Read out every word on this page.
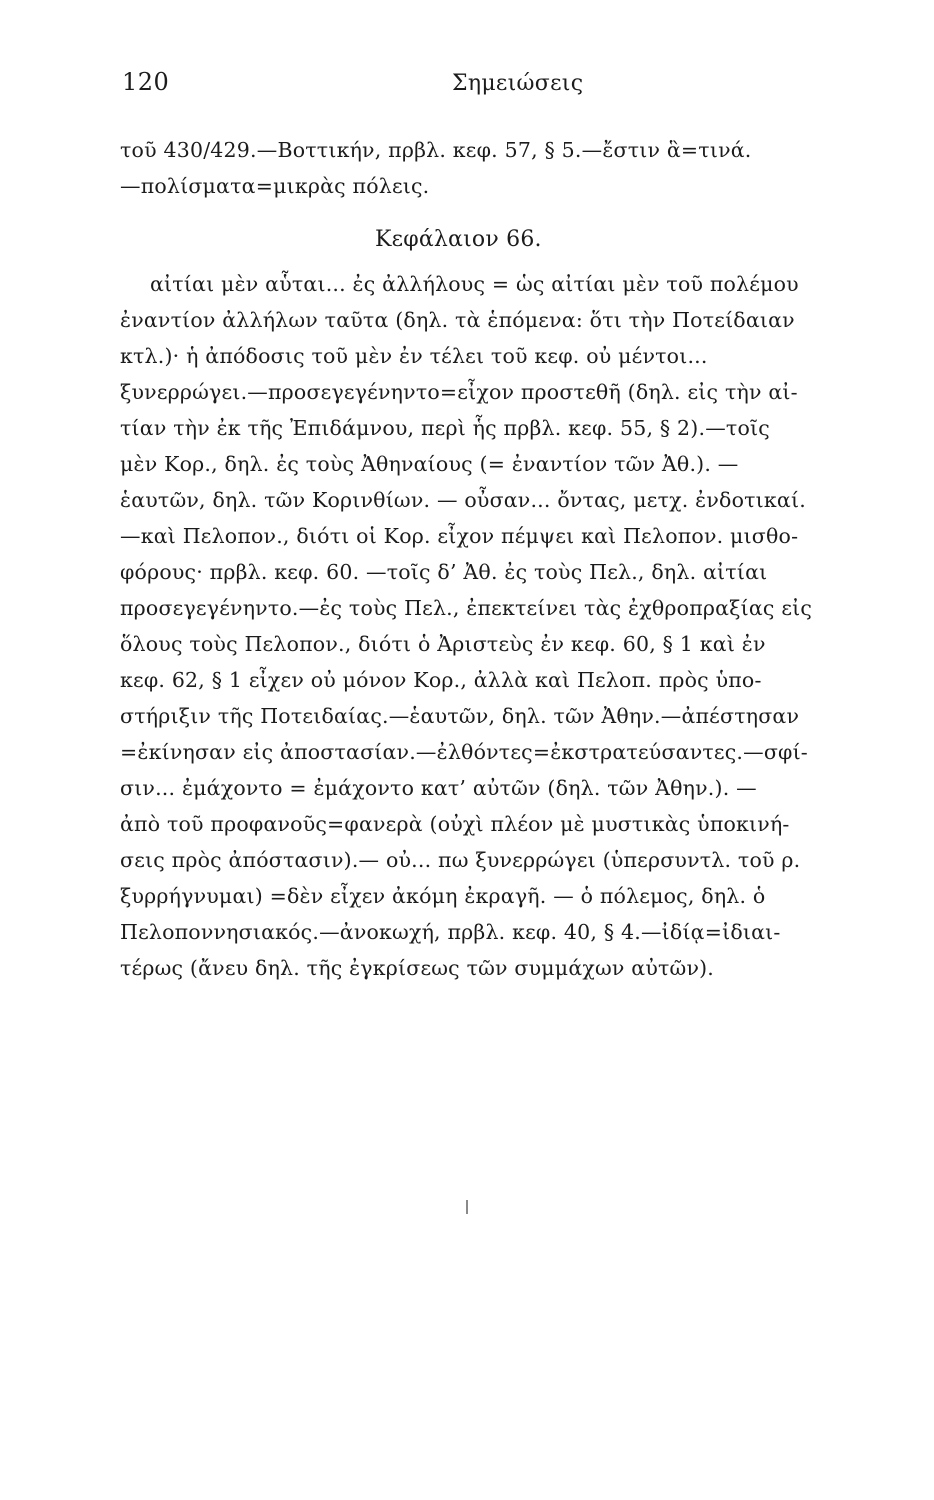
120	Σημειώσεις
τοῦ 430/429.—Βοττικήν, πρβλ. κεφ. 57, § 5.—ἔστιν ἃ=τινά.
—πολίσματα=μικρὰς πόλεις.
Κεφάλαιον 66.
αἰτίαι μὲν αὗται... ἐς ἀλλήλους = ὡς αἰτίαι μὲν τοῦ πολέμου
ἐναντίον ἀλλήλων ταῦτα (δηλ. τὰ ἑπόμενα: ὅτι τὴν Ποτείδαιαν
κτλ.)· ἡ ἀπόδοσις τοῦ μὲν ἐν τέλει τοῦ κεφ. οὐ μέντοι...
ξυνερρώγει.—προσεγεγένηντο=εἶχον προστεθῆ (δηλ. εἰς τὴν αἰ-
τίαν τὴν ἐκ τῆς Ἐπιδάμνου, περὶ ἧς πρβλ. κεφ. 55, § 2).—τοῖς
μὲν Κορ., δηλ. ἐς τοὺς Ἀθηναίους (= ἐναντίον τῶν Ἀθ.). —
ἑαυτῶν, δηλ. τῶν Κορινθίων. — οὖσαν... ὄντας, μετχ. ἐνδοτικαί.
—καὶ Πελοπον., διότι οἱ Κορ. εἶχον πέμψει καὶ Πελοπον. μισθο-
φόρους· πρβλ. κεφ. 60. —τοῖς δ’ Ἀθ. ἐς τοὺς Πελ., δηλ. αἰτίαι
προσεγεγένηντο.—ἐς τοὺς Πελ., ἐπεκτείνει τὰς ἐχθροπραξίας εἰς
ὅλους τοὺς Πελοπον., διότι ὁ Ἀριστεὺς ἐν κεφ. 60, § 1 καὶ ἐν
κεφ. 62, § 1 εἶχεν οὐ μόνον Κορ., ἀλλὰ καὶ Πελοπ. πρὸς ὑπο-
στήριξιν τῆς Ποτειδαίας.—ἑαυτῶν, δηλ. τῶν Ἀθην.—ἀπέστησαν
=ἐκίνησαν εἰς ἀποστασίαν.—ἐλθόντες=ἐκστρατεύσαντες.—σφί-
σιν... ἐμάχοντο = ἐμάχοντο κατ’ αὐτῶν (δηλ. τῶν Ἀθην.). —
ἀπὸ τοῦ προφανοῦς=φανερὰ (οὐχὶ πλέον μὲ μυστικὰς ὑποκινή-
σεις πρὸς ἀπόστασιν).— οὐ... πω ξυνερρώγει (ὑπερσυντλ. τοῦ ρ.
ξυρρήγνυμαι) =δὲν εἶχεν ἀκόμη ἐκραγῆ. — ὁ πόλεμος, δηλ. ὁ
Πελοποννησιακός.—ἀνοκωχή, πρβλ. κεφ. 40, § 4.—ἰδίᾳ=ἰδιαι-
τέρως (ἄνευ δηλ. τῆς ἐγκρίσεως τῶν συμμάχων αὐτῶν).
